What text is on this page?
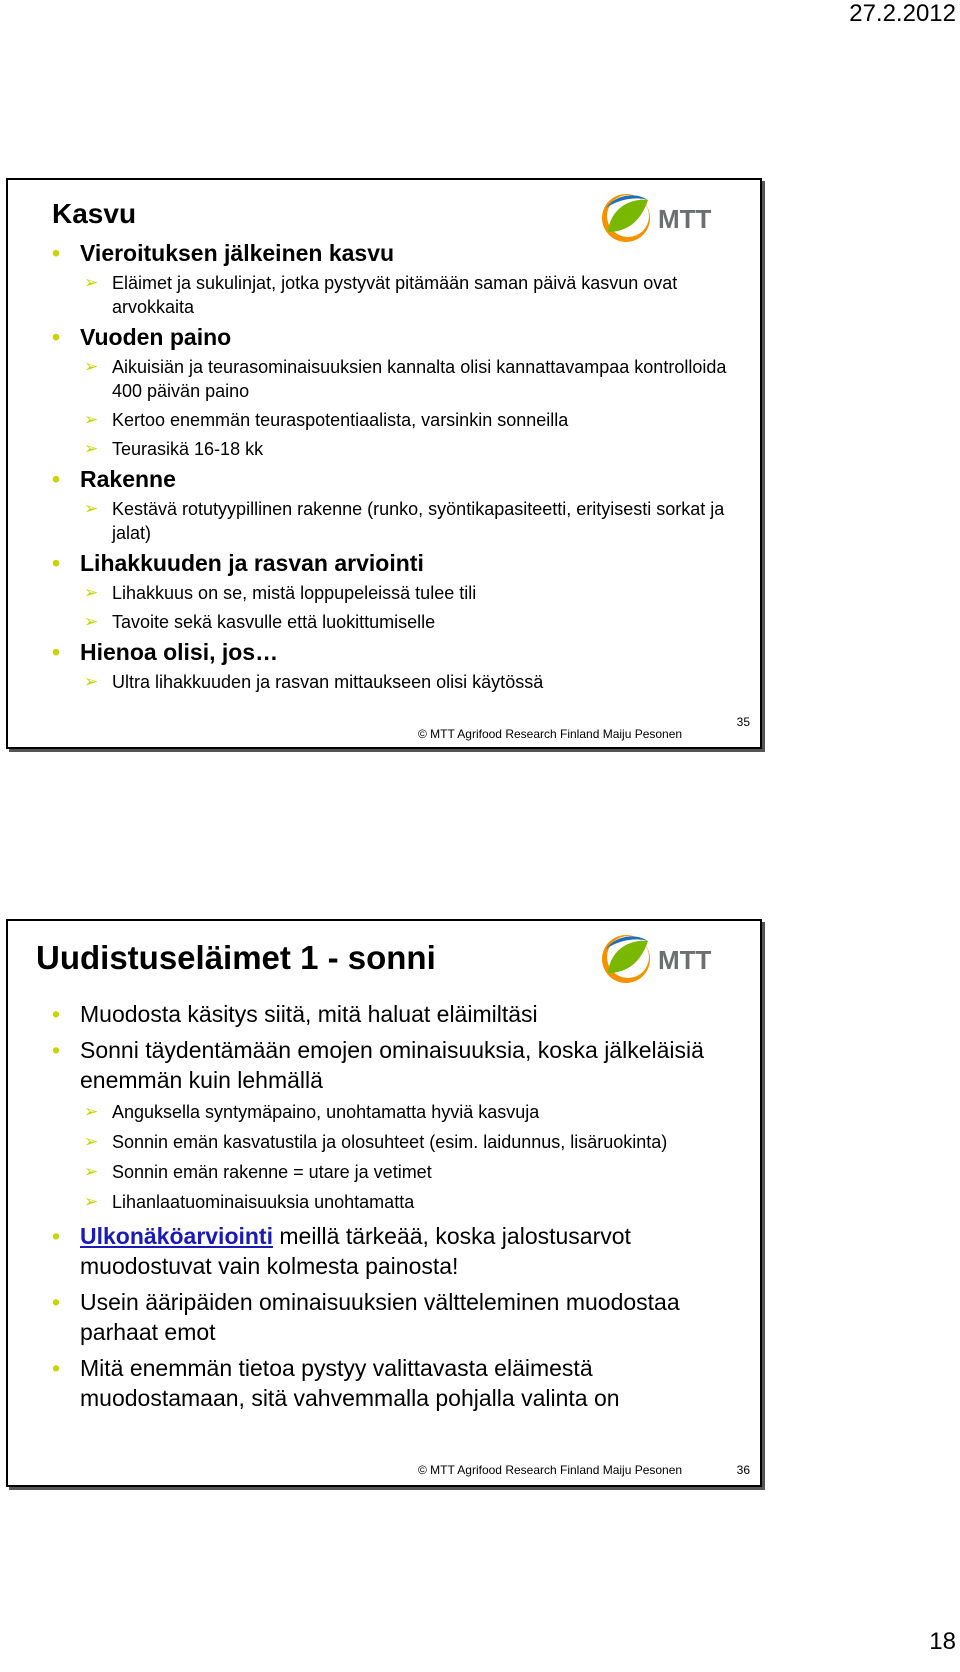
27.2.2012
Kasvu	MTT
• Vieroituksen jälkeinen kasvu
➢ Eläimet ja sukulinjat, jotka pystyvät pitämään saman päivä kasvun ovat arvokkaita
• Vuoden paino
➢ Aikuisiän ja teurasominaisuuksien kannalta olisi kannattavampaa kontrolloida 400 päivän paino
➢ Kertoo enemmän teuraspotentiaalista, varsinkin sonneilla
➢ Teurasikä 16-18 kk
• Rakenne
➢ Kestävä rotutyypillinen rakenne (runko, syöntikapasiteetti, erityisesti sorkat ja jalat)
• Lihakkuuden ja rasvan arviointi
➢ Lihakkuus on se, mistä loppupeleissä tulee tili
➢ Tavoite sekä kasvulle että luokittumiselle
• Hienoa olisi, jos…
➢ Ultra lihakkuuden ja rasvan mittaukseen olisi käytössä
© MTT Agrifood Research Finland Maiju Pesonen
35
Uudistuseläimet 1 - sonni	MTT
• Muodosta käsitys siitä, mitä haluat eläimiltäsi
• Sonni täydentämään emojen ominaisuuksia, koska jälkeläisiä enemmän kuin lehmällä
➢ Anguksella syntymäpaino, unohtamatta hyviä kasvuja
➢ Sonnin emän kasvatustila ja olosuhteet (esim. laidunnus, lisäruokinta)
➢ Sonnin emän rakenne = utare ja vetimet
➢ Lihanlaatuominaisuuksia unohtamatta
• Ulkonäköarviointi meillä tärkeää, koska jalostusarvot muodostuvat vain kolmesta painosta!
• Usein ääripäiden ominaisuuksien vältteleminen muodostaa parhaat emot
• Mitä enemmän tietoa pystyy valittavasta eläimestä muodostamaan, sitä vahvemmalla pohjalla valinta on
© MTT Agrifood Research Finland Maiju Pesonen	36
18
